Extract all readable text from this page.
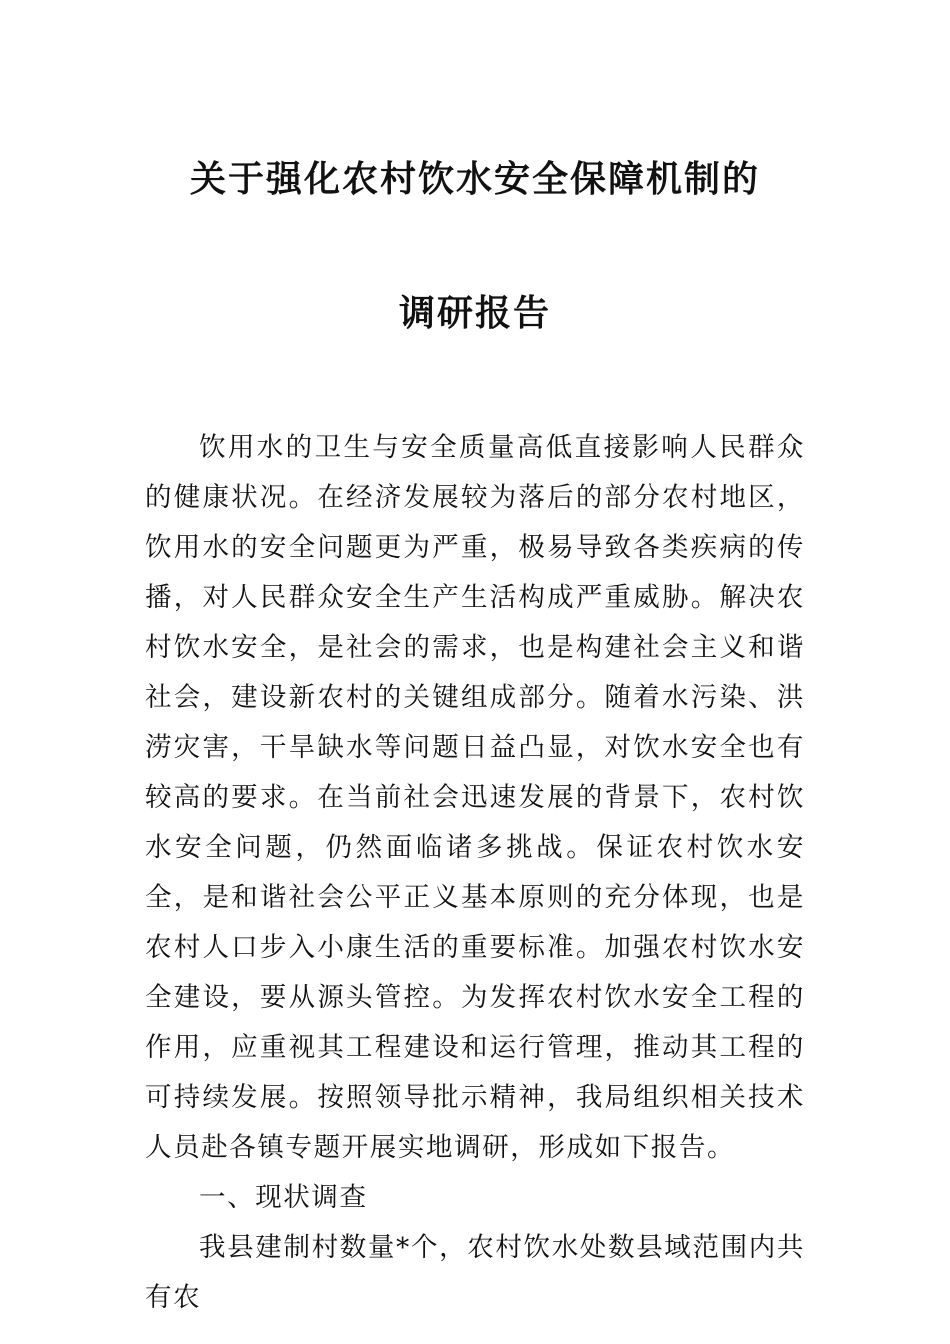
关于强化农村饮水安全保障机制的
调研报告

饮用水的卫生与安全质量高低直接影响人民群众的健康状况。在经济发展较为落后的部分农村地区，饮用水的安全问题更为严重，极易导致各类疾病的传播，对人民群众安全生产生活构成严重威胁。解决农村饮水安全，是社会的需求，也是构建社会主义和谐社会，建设新农村的关键组成部分。随着水污染、洪涝灾害，干旱缺水等问题日益凸显，对饮水安全也有较高的要求。在当前社会迅速发展的背景下，农村饮水安全问题，仍然面临诸多挑战。保证农村饮水安全，是和谐社会公平正义基本原则的充分体现，也是农村人口步入小康生活的重要标准。加强农村饮水安全建设，要从源头管控。为发挥农村饮水安全工程的作用，应重视其工程建设和运行管理，推动其工程的可持续发展。按照领导批示精神，我局组织相关技术人员赴各镇专题开展实地调研，形成如下报告。

一、现状调查

我县建制村数量*个，农村饮水处数县域范围内共有农
